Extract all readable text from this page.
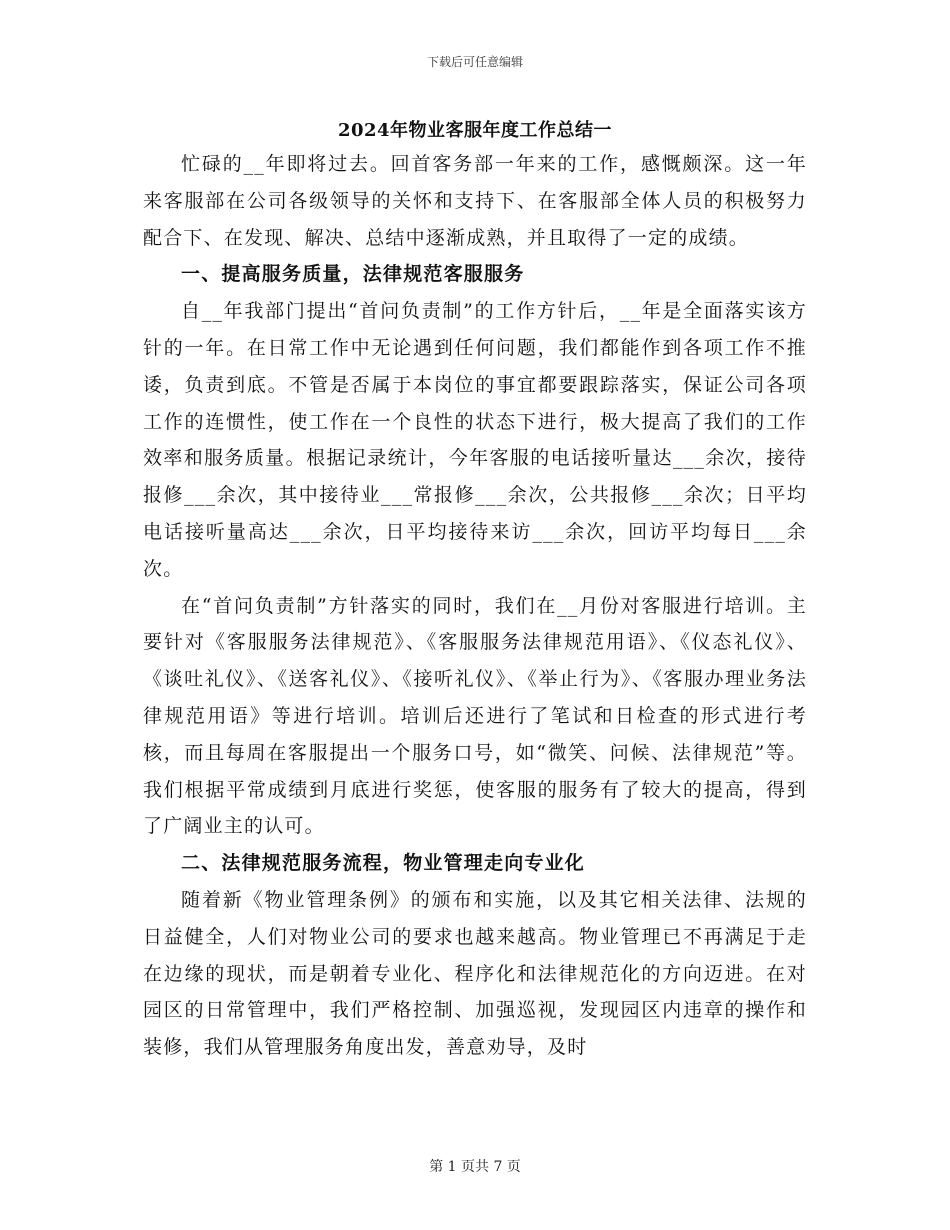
下载后可任意编辑
2024年物业客服年度工作总结一

忙碌的__年即将过去。回首客务部一年来的工作，感慨颇深。这一年来客服部在公司各级领导的关怀和支持下、在客服部全体人员的积极努力配合下、在发现、解决、总结中逐渐成熟，并且取得了一定的成绩。

一、提高服务质量，法律规范客服服务

自__年我部门提出“首问负责制”的工作方针后，__年是全面落实该方针的一年。在日常工作中无论遇到任何问题，我们都能作到各项工作不推诿，负责到底。不管是否属于本岗位的事宜都要跟踪落实，保证公司各项工作的连惯性，使工作在一个良性的状态下进行，极大提高了我们的工作效率和服务质量。根据记录统计，今年客服的电话接听量达___余次，接待报修___余次，其中接待业___常报修___余次，公共报修___余次；日平均电话接听量高达___余次，日平均接待来访___余次，回访平均每日___余次。

在“首问负责制”方针落实的同时，我们在__月份对客服进行培训。主要针对《客服服务法律规范》、《客服服务法律规范用语》、《仪态礼仪》、《谈吐礼仪》、《送客礼仪》、《接听礼仪》、《举止行为》、《客服办理业务法律规范用语》等进行培训。培训后还进行了笔试和日检查的形式进行考核，而且每周在客服提出一个服务口号，如“微笑、问候、法律规范”等。我们根据平常成绩到月底进行奖惩，使客服的服务有了较大的提高，得到了广阔业主的认可。

二、法律规范服务流程，物业管理走向专业化

随着新《物业管理条例》的颁布和实施，以及其它相关法律、法规的日益健全，人们对物业公司的要求也越来越高。物业管理已不再满足于走在边缘的现状，而是朝着专业化、程序化和法律规范化的方向迈进。在对园区的日常管理中，我们严格控制、加强巡视，发现园区内违章的操作和装修，我们从管理服务角度出发，善意劝导，及时

第 1 页共 7 页
